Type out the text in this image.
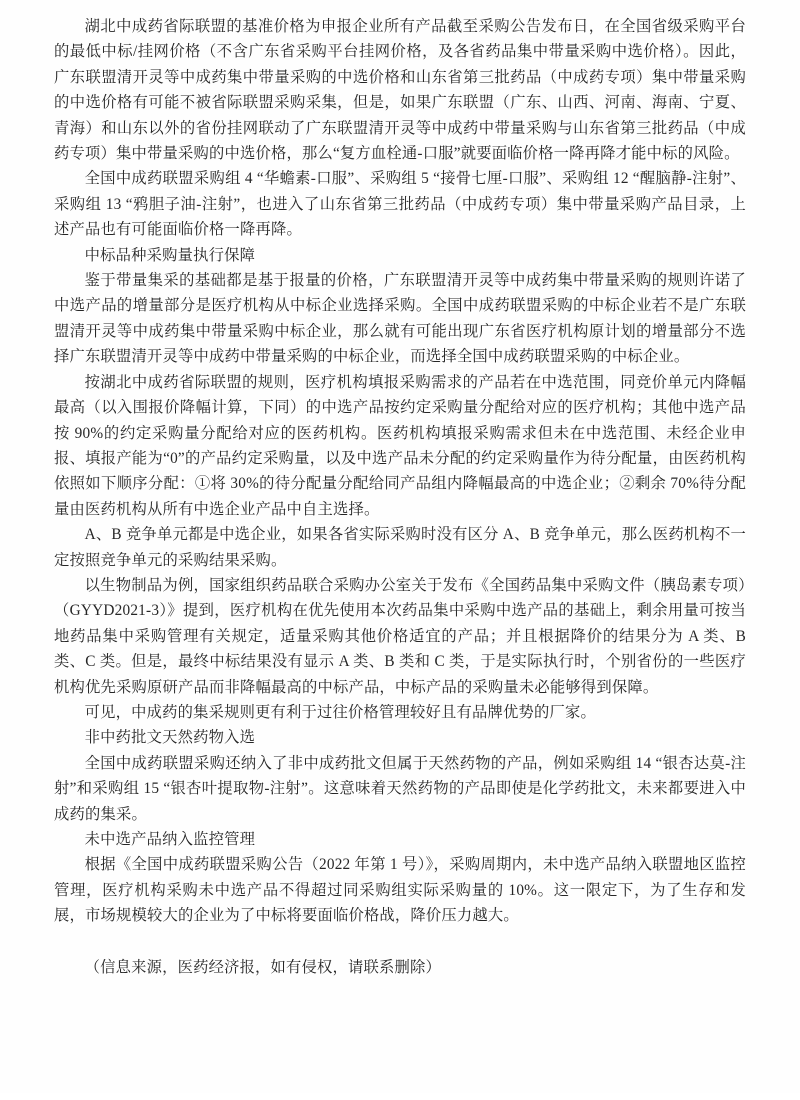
湖北中成药省际联盟的基准价格为申报企业所有产品截至采购公告发布日，在全国省级采购平台的最低中标/挂网价格（不含广东省采购平台挂网价格，及各省药品集中带量采购中选价格）。因此，广东联盟清开灵等中成药集中带量采购的中选价格和山东省第三批药品（中成药专项）集中带量采购的中选价格有可能不被省际联盟采购采集，但是，如果广东联盟（广东、山西、河南、海南、宁夏、青海）和山东以外的省份挂网联动了广东联盟清开灵等中成药中带量采购与山东省第三批药品（中成药专项）集中带量采购的中选价格，那么“复方血栓通-口服”就要面临价格一降再降才能中标的风险。

全国中成药联盟采购组 4 “华蟾素-口服”、采购组 5 “接骨七厘-口服”、采购组 12 “醒脑静-注射”、采购组 13 “鸦胆子油-注射”，也进入了山东省第三批药品（中成药专项）集中带量采购产品目录，上述产品也有可能面临价格一降再降。

中标品种采购量执行保障

鉴于带量集采的基础都是基于报量的价格，广东联盟清开灵等中成药集中带量采购的规则许诺了中选产品的增量部分是医疗机构从中标企业选择采购。全国中成药联盟采购的中标企业若不是广东联盟清开灵等中成药集中带量采购中标企业，那么就有可能出现广东省医疗机构原计划的增量部分不选择广东联盟清开灵等中成药中带量采购的中标企业，而选择全国中成药联盟采购的中标企业。

按湖北中成药省际联盟的规则，医疗机构填报采购需求的产品若在中选范围，同竞价单元内降幅最高（以入围报价降幅计算，下同）的中选产品按约定采购量分配给对应的医疗机构；其他中选产品按 90%的约定采购量分配给对应的医药机构。医药机构填报采购需求但未在中选范围、未经企业申报、填报产能为“0”的产品约定采购量，以及中选产品未分配的约定采购量作为待分配量，由医药机构依照如下顺序分配：①将 30%的待分配量分配给同产品组内降幅最高的中选企业；②剩余 70%待分配量由医药机构从所有中选企业产品中自主选择。

A、B 竞争单元都是中选企业，如果各省实际采购时没有区分 A、B 竞争单元，那么医药机构不一定按照竞争单元的采购结果采购。

以生物制品为例，国家组织药品联合采购办公室关于发布《全国药品集中采购文件（胰岛素专项）（GYYD2021-3）》提到，医疗机构在优先使用本次药品集中采购中选产品的基础上，剩余用量可按当地药品集中采购管理有关规定，适量采购其他价格适宜的产品；并且根据降价的结果分为 A 类、B 类、C 类。但是，最终中标结果没有显示 A 类、B 类和 C 类，于是实际执行时，个别省份的一些医疗机构优先采购原研产品而非降幅最高的中标产品，中标产品的采购量未必能够得到保障。

可见，中成药的集采规则更有利于过往价格管理较好且有品牌优势的厂家。

非中药批文天然药物入选

全国中成药联盟采购还纳入了非中成药批文但属于天然药物的产品，例如采购组 14 “银杏达莫-注射”和采购组 15 “银杏叶提取物-注射”。这意味着天然药物的产品即使是化学药批文，未来都要进入中成药的集采。

未中选产品纳入监控管理

根据《全国中成药联盟采购公告（2022 年第 1 号）》，采购周期内，未中选产品纳入联盟地区监控管理，医疗机构采购未中选产品不得超过同采购组实际采购量的 10%。这一限定下，为了生存和发展，市场规模较大的企业为了中标将要面临价格战，降价压力越大。

（信息来源，医药经济报，如有侵权，请联系删除）
